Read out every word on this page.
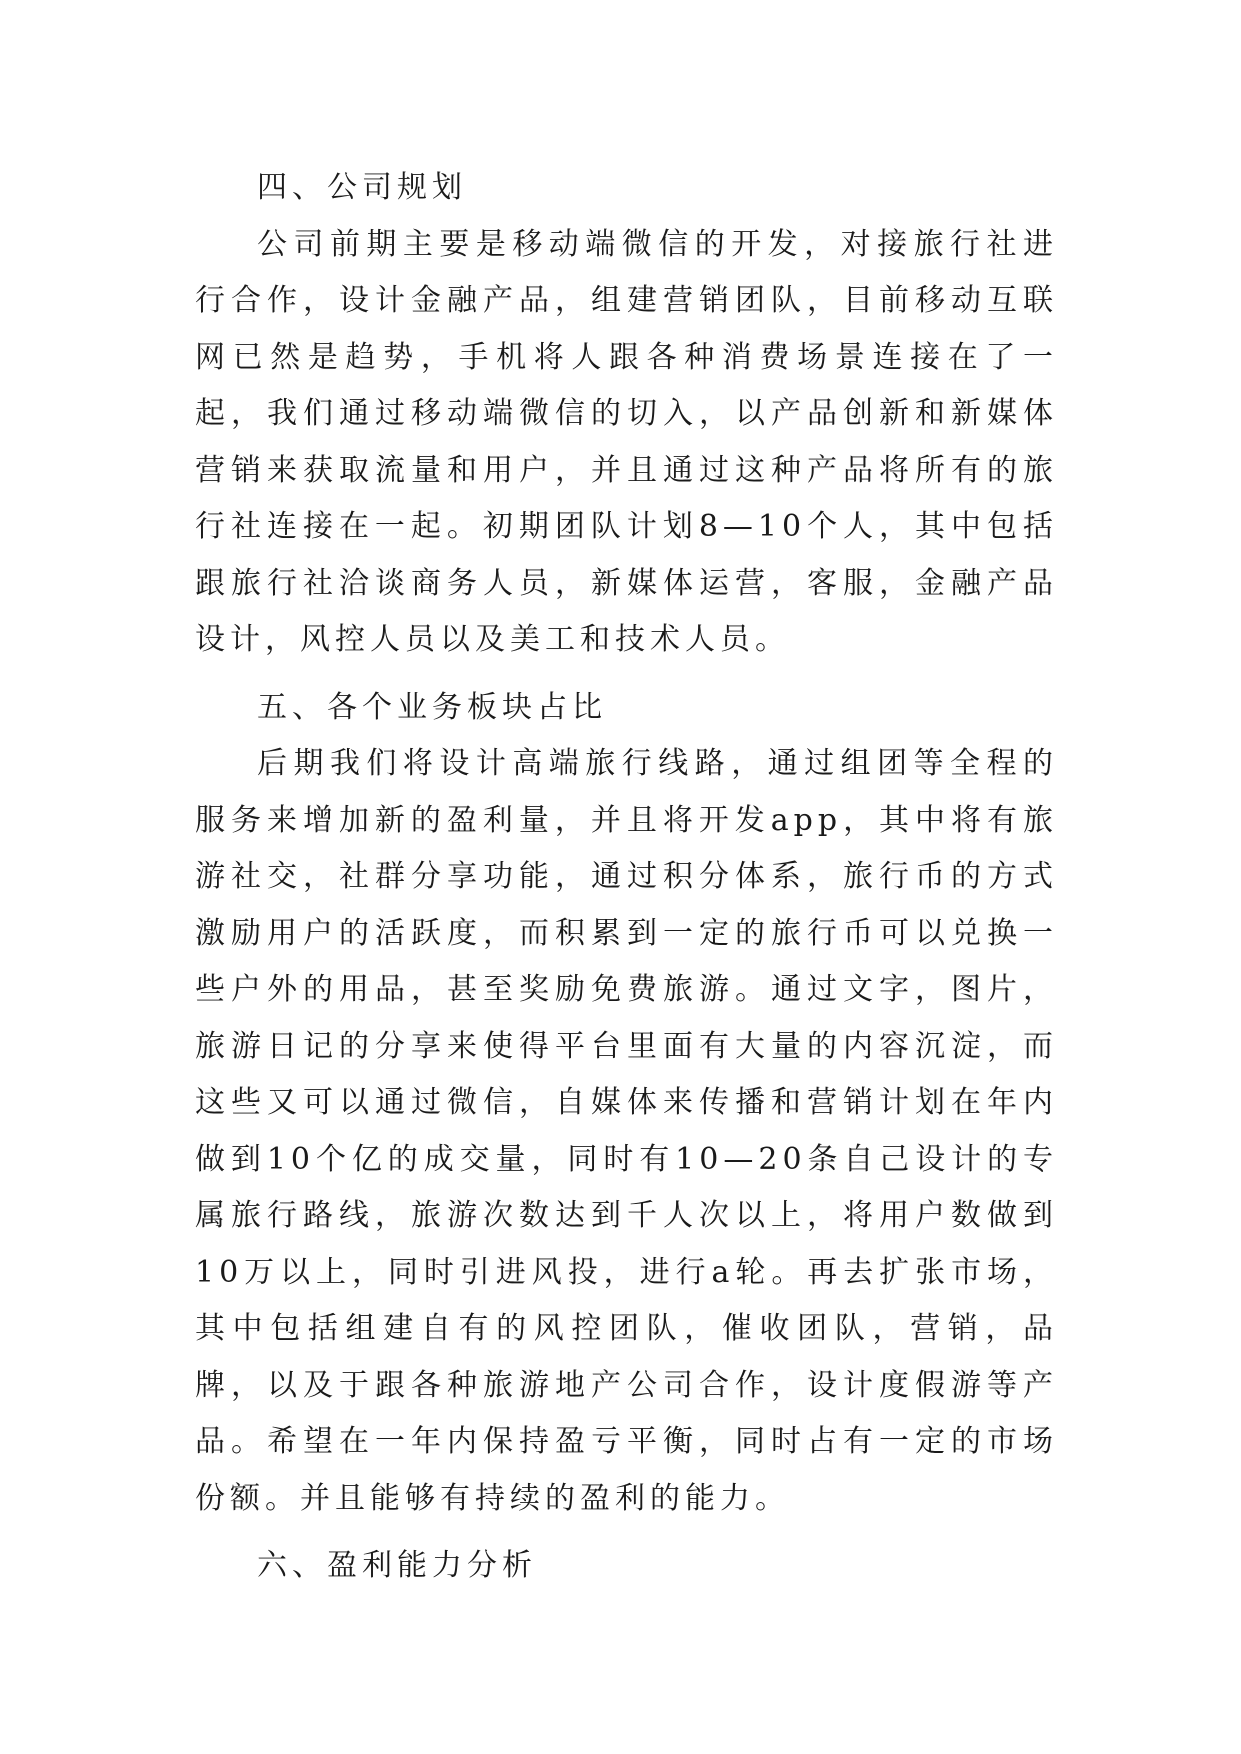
四、公司规划

公司前期主要是移动端微信的开发，对接旅行社进行合作，设计金融产品，组建营销团队，目前移动互联网已然是趋势，手机将人跟各种消费场景连接在了一起，我们通过移动端微信的切入，以产品创新和新媒体营销来获取流量和用户，并且通过这种产品将所有的旅行社连接在一起。初期团队计划8—10个人，其中包括跟旅行社洽谈商务人员，新媒体运营，客服，金融产品设计，风控人员以及美工和技术人员。

五、各个业务板块占比

后期我们将设计高端旅行线路，通过组团等全程的服务来增加新的盈利量，并且将开发app，其中将有旅游社交，社群分享功能，通过积分体系，旅行币的方式激励用户的活跃度，而积累到一定的旅行币可以兑换一些户外的用品，甚至奖励免费旅游。通过文字，图片，旅游日记的分享来使得平台里面有大量的内容沉淀，而这些又可以通过微信，自媒体来传播和营销计划在年内做到10个亿的成交量，同时有10—20条自己设计的专属旅行路线，旅游次数达到千人次以上，将用户数做到10万以上，同时引进风投，进行a轮。再去扩张市场，其中包括组建自有的风控团队，催收团队，营销，品牌，以及于跟各种旅游地产公司合作，设计度假游等产品。希望在一年内保持盈亏平衡，同时占有一定的市场份额。并且能够有持续的盈利的能力。

六、盈利能力分析
